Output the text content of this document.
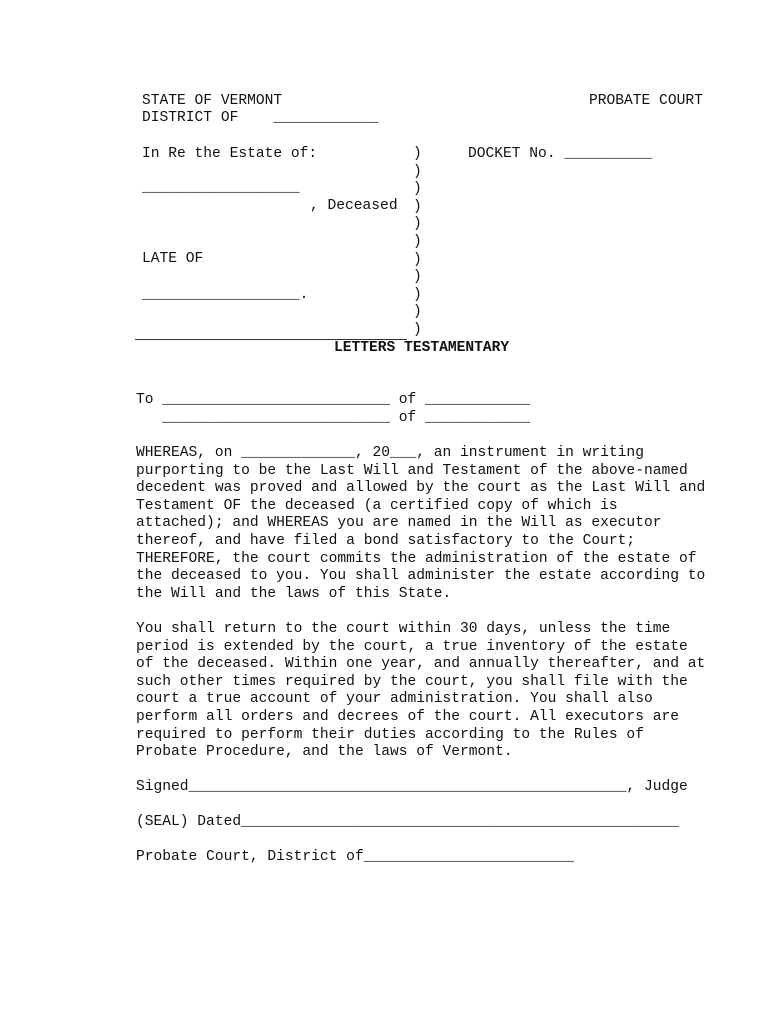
STATE OF VERMONT	PROBATE COURT

DISTRICT OF    ____________

In Re the Estate of:	DOCKET No. __________

__________________

, Deceased

LATE OF

__________________.

)
)
)
)
)
)
)
)
)
)
)

LETTERS TESTAMENTARY

To __________________________ of ____________

__________________________ of ____________

WHEREAS, on _____________, 20___, an instrument in writing
purporting to be the Last Will and Testament of the above-named
decedent was proved and allowed by the court as the Last Will and
Testament OF the deceased (a certified copy of which is
attached); and WHEREAS you are named in the Will as executor
thereof, and have filed a bond satisfactory to the Court;
THEREFORE, the court commits the administration of the estate of
the deceased to you. You shall administer the estate according to
the Will and the laws of this State.

You shall return to the court within 30 days, unless the time
period is extended by the court, a true inventory of the estate
of the deceased. Within one year, and annually thereafter, and at
such other times required by the court, you shall file with the
court a true account of your administration. You shall also
perform all orders and decrees of the court. All executors are
required to perform their duties according to the Rules of
Probate Procedure, and the laws of Vermont.

Signed__________________________________________________, Judge

(SEAL) Dated__________________________________________________

Probate Court, District of________________________
